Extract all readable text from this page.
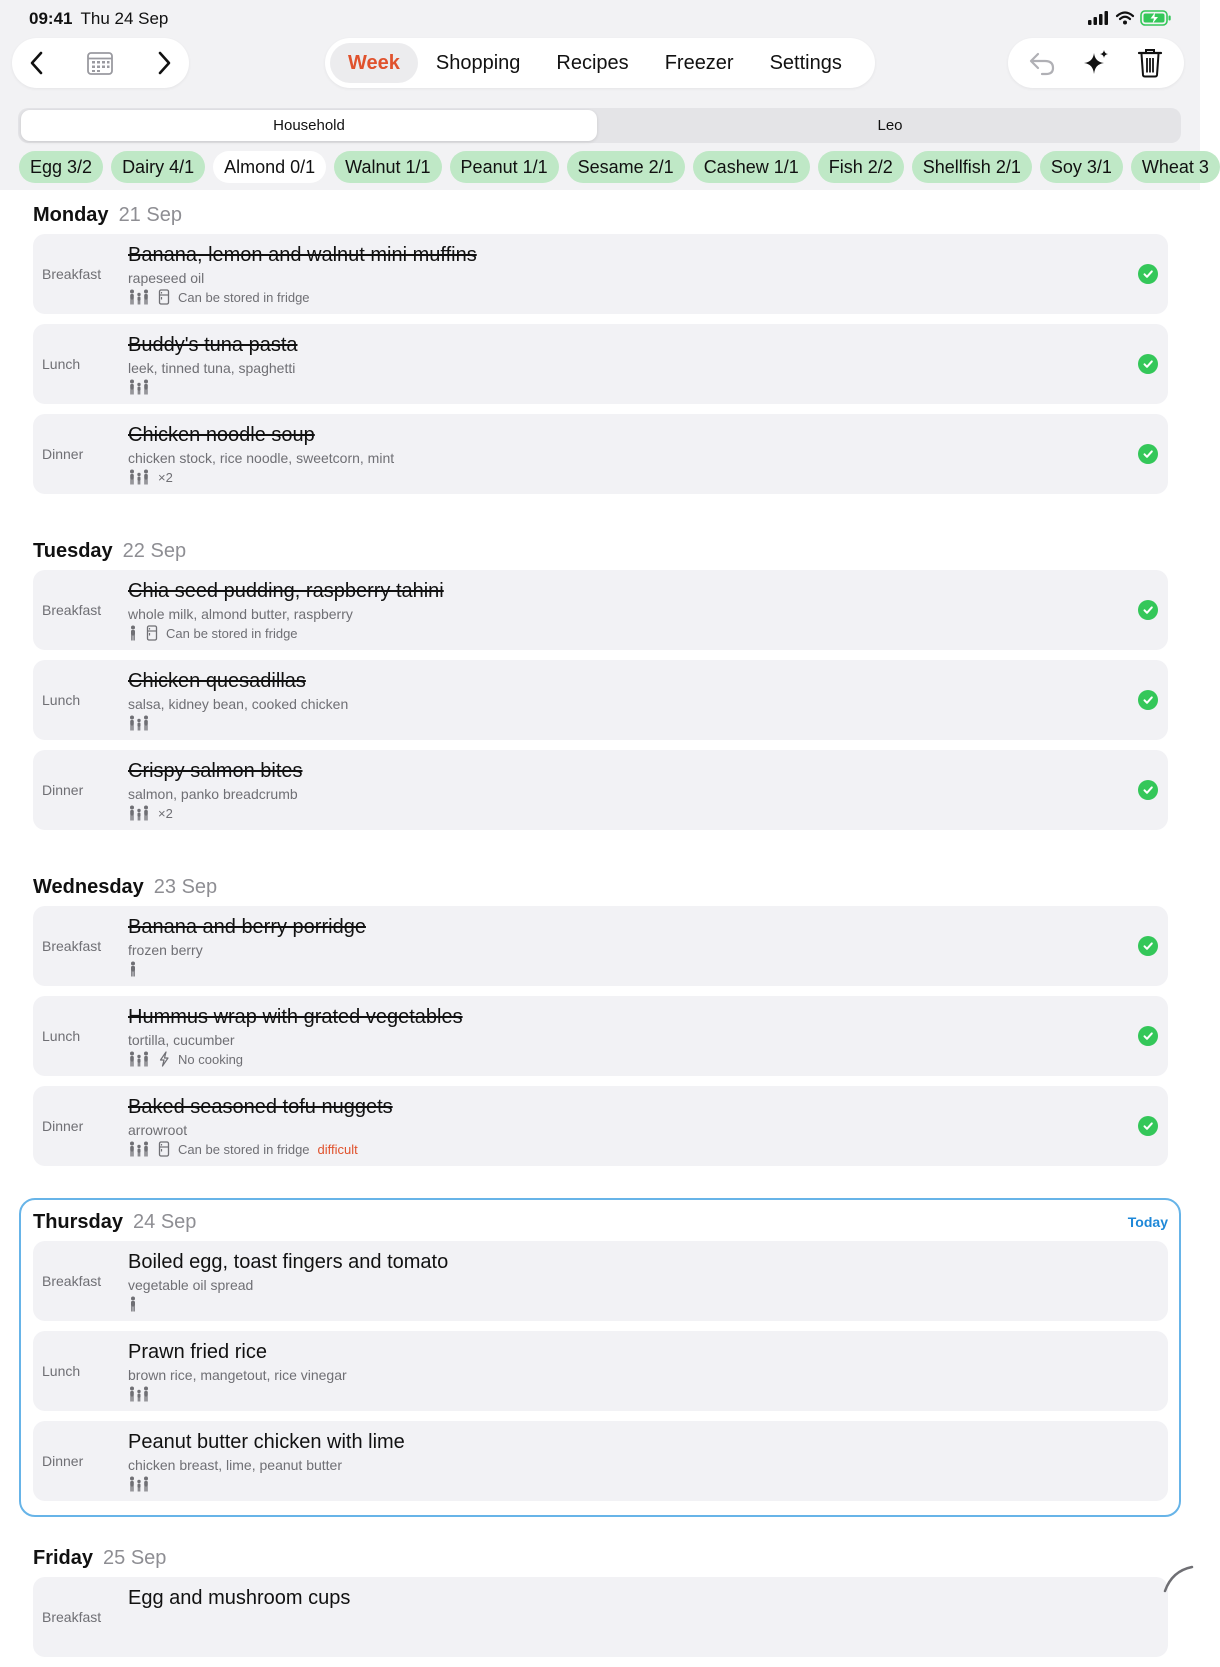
09:41 Thu 24 Sep
Week	Shopping	Recipes	Freezer	Settings
Household	Leo
Egg 3/2	Dairy 4/1	Almond 0/1	Walnut 1/1	Peanut 1/1	Sesame 2/1	Cashew 1/1	Fish 2/2	Shellfish 2/1	Soy 3/1	Wheat 3
Monday 21 Sep
Breakfast
Banana, lemon and walnut mini muffins
rapeseed oil
Can be stored in fridge
Lunch
Buddy's tuna pasta
leek, tinned tuna, spaghetti
Dinner
Chicken noodle soup
chicken stock, rice noodle, sweetcorn, mint
×2
Tuesday 22 Sep
Breakfast
Chia seed pudding, raspberry tahini
whole milk, almond butter, raspberry
Can be stored in fridge
Lunch
Chicken quesadillas
salsa, kidney bean, cooked chicken
Dinner
Crispy salmon bites
salmon, panko breadcrumb
×2
Wednesday 23 Sep
Breakfast
Banana and berry porridge
frozen berry
Lunch
Hummus wrap with grated vegetables
tortilla, cucumber
No cooking
Dinner
Baked seasoned tofu nuggets
arrowroot
Can be stored in fridge difficult
Thursday 24 Sep	Today
Breakfast
Boiled egg, toast fingers and tomato
vegetable oil spread
Lunch
Prawn fried rice
brown rice, mangetout, rice vinegar
Dinner
Peanut butter chicken with lime
chicken breast, lime, peanut butter
Friday 25 Sep
Breakfast
Egg and mushroom cups
